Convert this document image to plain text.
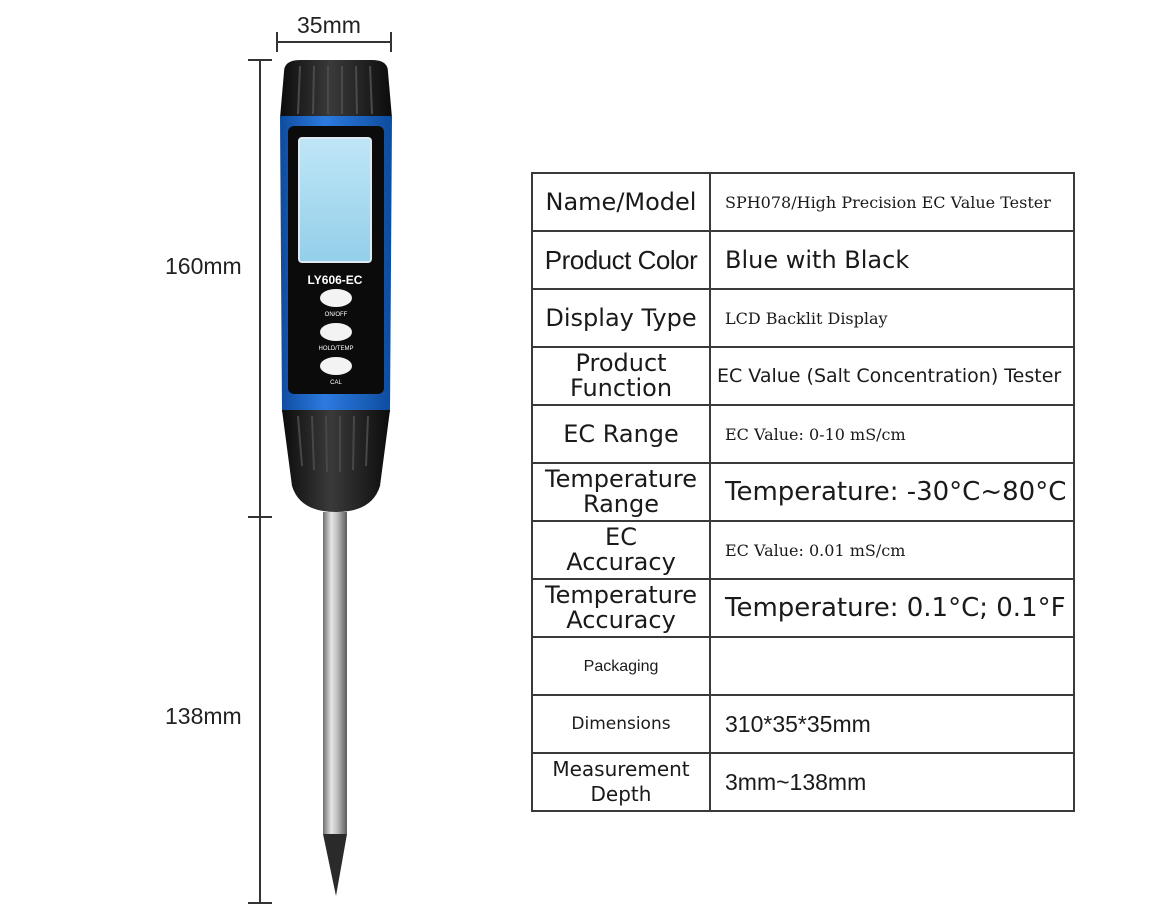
35mm
160mm
138mm
LY606-EC
ON/OFF
HOLD/TEMP
CAL
Name/Model	SPH078/High Precision EC Value Tester
Product Color	Blue with Black
Display Type	LCD Backlit Display
Product Function	EC Value (Salt Concentration) Tester
EC Range	EC Value: 0-10 mS/cm
Temperature Range	Temperature: -30°C~80°C
EC Accuracy	EC Value: 0.01 mS/cm
Temperature Accuracy	Temperature: 0.1°C; 0.1°F
Packaging	
Dimensions	310*35*35mm
Measurement Depth	3mm~138mm
